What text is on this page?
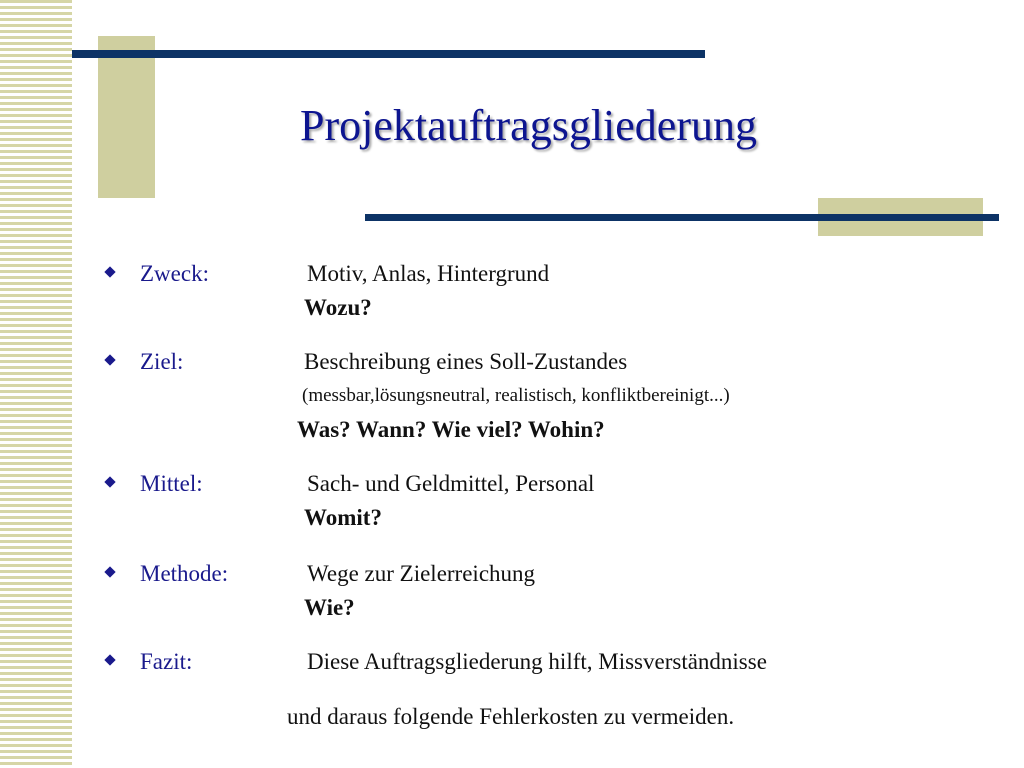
Projektauftragsgliederung
Zweck:	Motiv, Anlas, Hintergrund
Wozu?
Ziel:	Beschreibung eines Soll-Zustandes
(messbar,lösungsneutral, realistisch, konfliktbereinigt...)
Was? Wann? Wie viel? Wohin?
Mittel:	Sach- und Geldmittel, Personal
Womit?
Methode:	Wege zur Zielerreichung
Wie?
Fazit:	Diese Auftragsgliederung hilft, Missverständnisse
und daraus folgende Fehlerkosten zu vermeiden.
